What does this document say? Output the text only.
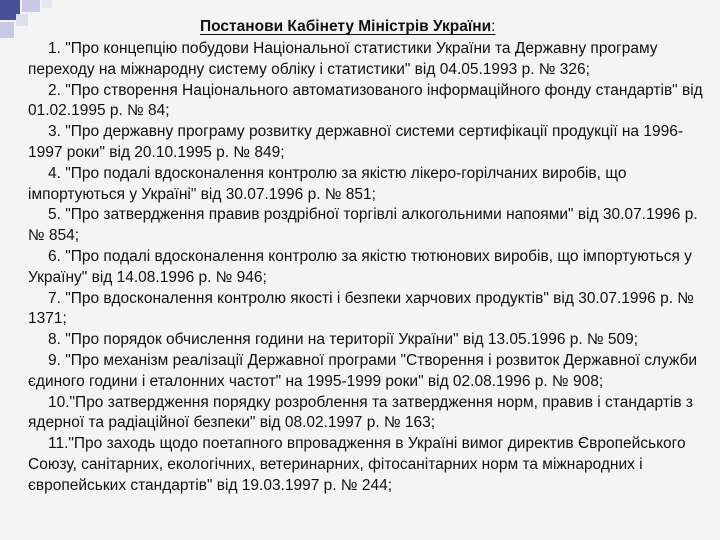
Постанови Кабінету Міністрів України:

1. "Про концепцію побудови Національної статистики України та Державну програму переходу на міжнародну систему обліку і статистики" від 04.05.1993 р. № 326;

2. "Про створення Національного автоматизованого інформаційного фонду стандартів" від 01.02.1995 р. № 84;

3. "Про державну програму розвитку державної системи сертифікації продукції на 1996-1997 роки" від 20.10.1995 р. № 849;

4. "Про подалі вдосконалення контролю за якістю лікеро-горілчаних виробів, що імпортуються у Україні" від 30.07.1996 р. № 851;

5. "Про затвердження правив роздрібної торгівлі алкогольними напоями" від 30.07.1996 р. № 854;

6. "Про подалі вдосконалення контролю за якістю тютюнових виробів, що імпортуються у Україну" від 14.08.1996 р. № 946;

7. "Про вдосконалення контролю якості і безпеки харчових продуктів" від 30.07.1996 р. № 1371;

8. "Про порядок обчислення години на території України" від 13.05.1996 р. № 509;

9. "Про механізм реалізації Державної програми "Створення і розвиток Державної служби єдиного години і еталонних частот" на 1995-1999 роки" від 02.08.1996 р. № 908;

10."Про затвердження порядку розроблення та затвердження норм, правив і стандартів з ядерної та радіаційної безпеки" від 08.02.1997 р. № 163;

11."Про заходь щодо поетапного впровадження в Україні вимог директив Європейського Союзу, санітарних, екологічних, ветеринарних, фітосанітарних норм та міжнародних і європейських стандартів" від 19.03.1997 р. № 244;
